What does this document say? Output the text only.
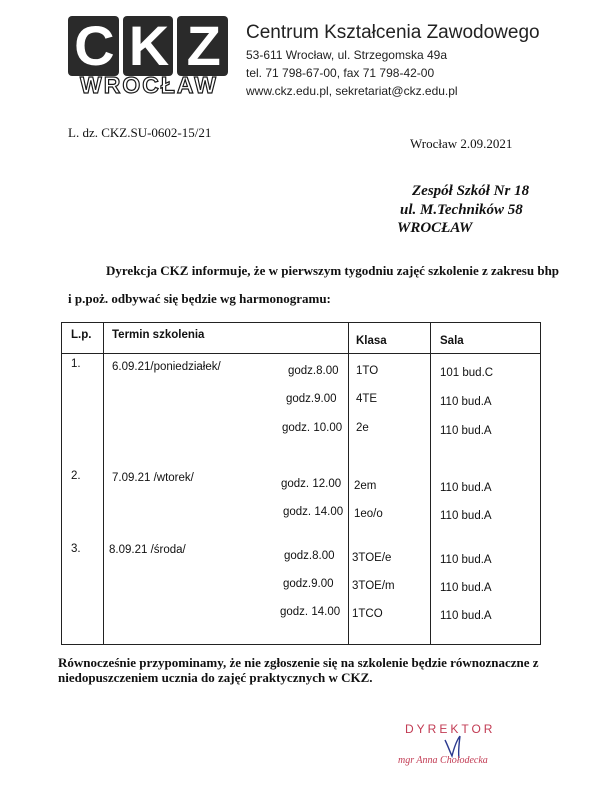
C K Z
WROCŁAW
Centrum Kształcenia Zawodowego
53-611 Wrocław, ul. Strzegomska 49a
tel. 71 798-67-00, fax 71 798-42-00
www.ckz.edu.pl, sekretariat@ckz.edu.pl
L. dz. CKZ.SU-0602-15/21
Wrocław 2.09.2021
Zespół Szkół Nr 18
ul. M.Techników 58
WROCŁAW
Dyrekcja CKZ informuje, że w pierwszym tygodniu zajęć szkolenie z zakresu bhp
i p.poż. odbywać się będzie wg harmonogramu:
L.p. Termin szkolenia	Klasa	Sala
1.	6.09.21/poniedziałek/	godz.8.00 1TO	101 bud.C
godz.9.00 4TE	110 bud.A
godz. 10.00 2e	110 bud.A
2.	7.09.21 /wtorek/	godz. 12.00 2em	110 bud.A
godz. 14.00 1eo/o	110 bud.A
3. 8.09.21 /środa/	godz.8.00 3TOE/e	110 bud.A
godz.9.00 3TOE/m	110 bud.A
godz. 14.00 1TCO	110 bud.A
Równocześnie przypominamy, że nie zgłoszenie się na szkolenie będzie równoznaczne z
niedopuszczeniem ucznia do zajęć praktycznych w CKZ.
DYREKTOR
mgr Anna Chołodecka
